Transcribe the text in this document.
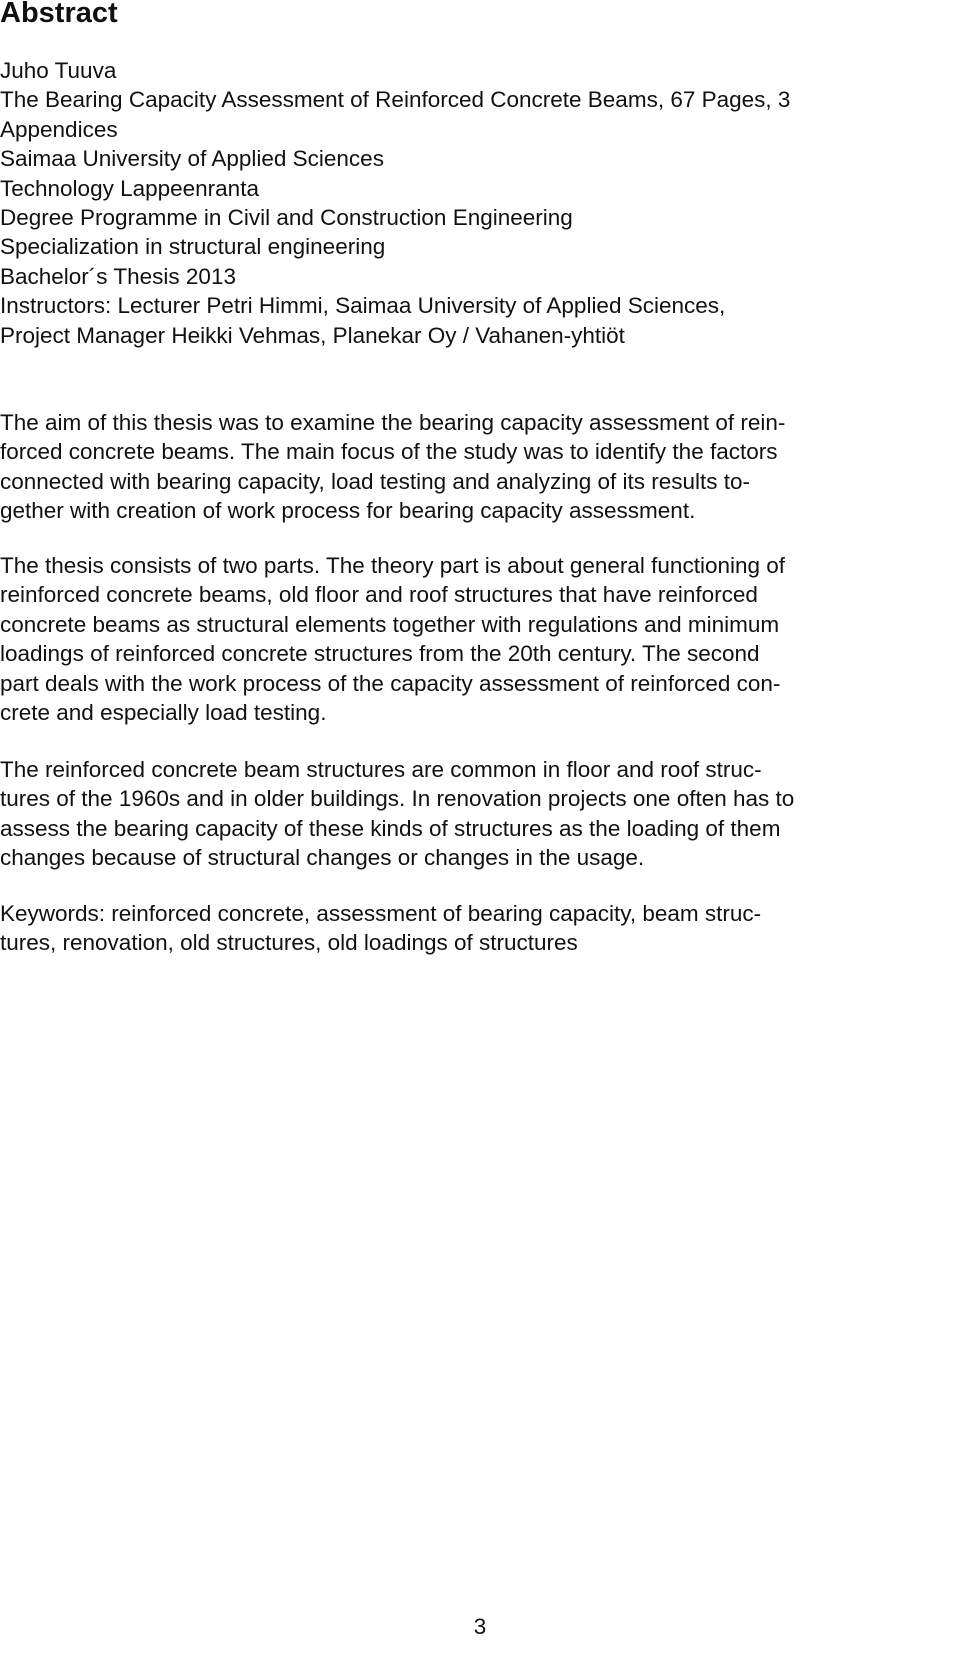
Abstract
Juho Tuuva
The Bearing Capacity Assessment of Reinforced Concrete Beams, 67 Pages, 3
Appendices
Saimaa University of Applied Sciences
Technology Lappeenranta
Degree Programme in Civil and Construction Engineering
Specialization in structural engineering
Bachelor´s Thesis 2013
Instructors: Lecturer Petri Himmi, Saimaa University of Applied Sciences,
Project Manager Heikki Vehmas, Planekar Oy / Vahanen-yhtiöt
The aim of this thesis was to examine the bearing capacity assessment of rein-
forced concrete beams. The main focus of the study was to identify the factors
connected with bearing capacity, load testing and analyzing of its results to-
gether with creation of work process for bearing capacity assessment.
The thesis consists of two parts. The theory part is about general functioning of
reinforced concrete beams, old floor and roof structures that have reinforced
concrete beams as structural elements together with regulations and minimum
loadings of reinforced concrete structures from the 20th century. The second
part deals with the work process of the capacity assessment of reinforced con-
crete and especially load testing.
The reinforced concrete beam structures are common in floor and roof struc-
tures of the 1960s and in older buildings. In renovation projects one often has to
assess the bearing capacity of these kinds of structures as the loading of them
changes because of structural changes or changes in the usage.
Keywords: reinforced concrete, assessment of bearing capacity, beam struc-
tures, renovation, old structures, old loadings of structures
3
